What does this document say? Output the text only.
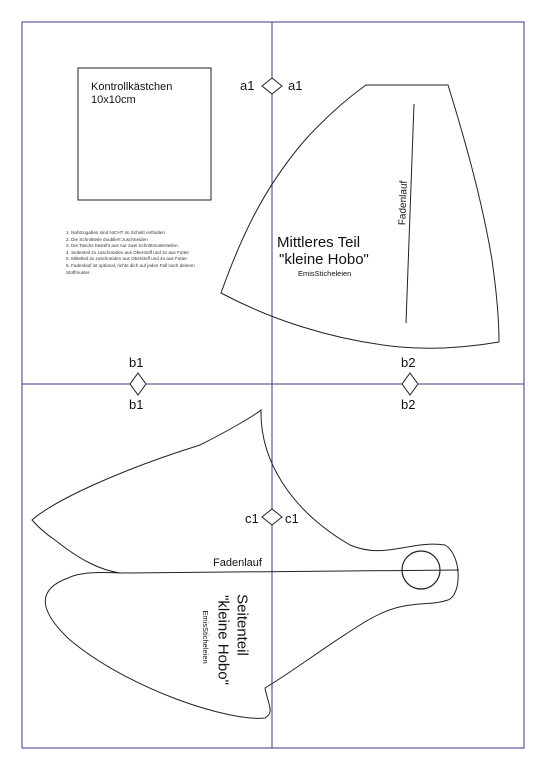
Kontrollkästchen
10x10cm
1. Nahtzugaben sind NICHT im Schnitt enthalten
2. Die Schnittteile doubliert zuschneiden
3. Die Tasche besteht aus nur zwei Schnittmusterteilen.
4. Seitenteil 2x zuschneiden aus Oberstoff und 2x aus Futter
5. Mittelteil 4x zuschneiden aus Oberstoff und 4x aus Futter.
6. Fadenlauf ist optional, richte dich auf jeden Fall nach deinem
Stoffmuster.
a1	a1
b1
b1
b2
b2
c1 c1
Mittleres Teil
"kleine Hobo"
EmisSticheleien
Fadenlauf
Fadenlauf
Seitenteil
"kleine Hobo"
EmisSticheleien
